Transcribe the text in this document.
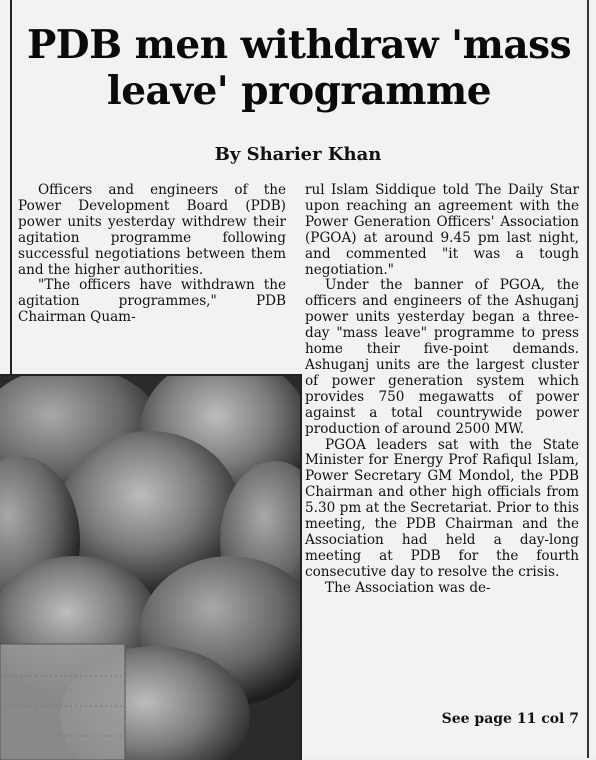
PDB men withdraw 'mass leave' programme
By Sharier Khan

Officers and engineers of the Power Development Board (PDB) power units yesterday withdrew their agitation programme following successful negotiations between them and the higher authorities.

"The officers have withdrawn the agitation programmes," PDB Chairman Quam-

rul Islam Siddique told The Daily Star upon reaching an agreement with the Power Generation Officers' Association (PGOA) at around 9.45 pm last night, and commented "it was a tough negotiation."

Under the banner of PGOA, the officers and engineers of the Ashuganj power units yesterday began a three-day "mass leave" programme to press home their five-point demands. Ashuganj units are the largest cluster of power generation system which provides 750 megawatts of power against a total countrywide power production of around 2500 MW.

PGOA leaders sat with the State Minister for Energy Prof Rafiqul Islam, Power Secretary GM Mondol, the PDB Chairman and other high officials from 5.30 pm at the Secretariat. Prior to this meeting, the PDB Chairman and the Association had held a day-long meeting at PDB for the fourth consecutive day to resolve the crisis.

The Association was de-

See page 11 col 7
